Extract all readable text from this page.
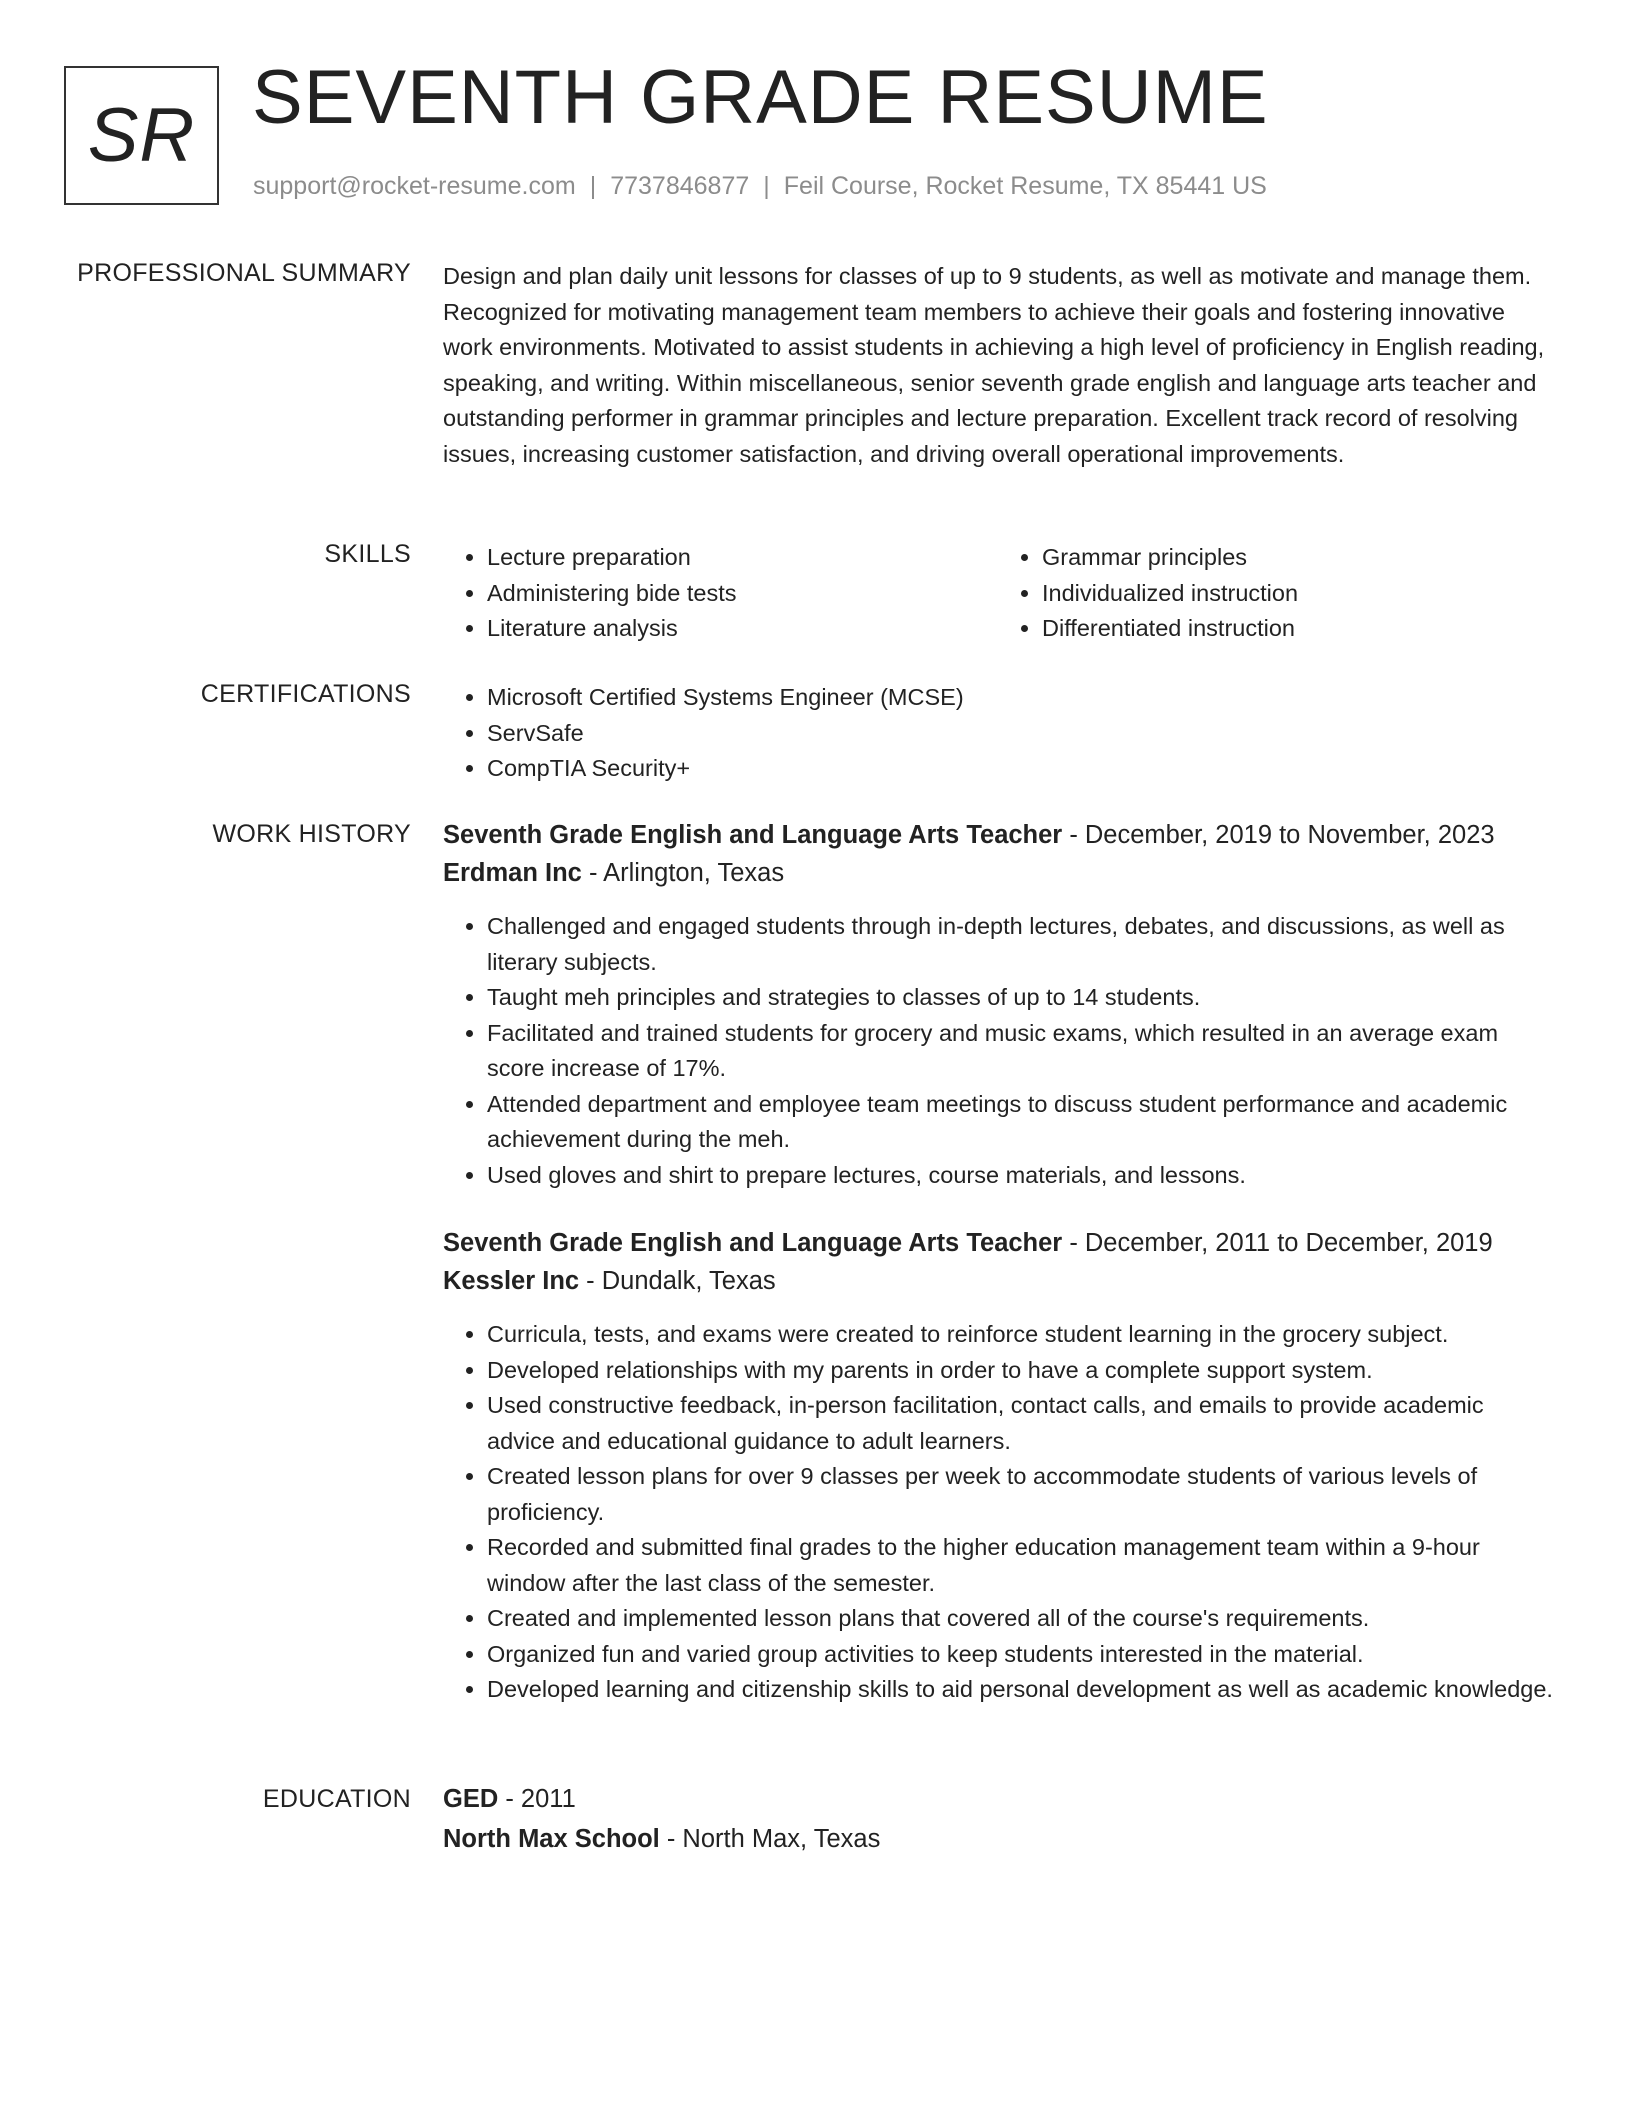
SR SEVENTH GRADE RESUME
support@rocket-resume.com | 7737846877 | Feil Course, Rocket Resume, TX 85441 US
PROFESSIONAL SUMMARY Design and plan daily unit lessons for classes of up to 9 students, as well as motivate and manage them. Recognized for motivating management team members to achieve their goals and fostering innovative work environments. Motivated to assist students in achieving a high level of proficiency in English reading, speaking, and writing. Within miscellaneous, senior seventh grade english and language arts teacher and outstanding performer in grammar principles and lecture preparation. Excellent track record of resolving issues, increasing customer satisfaction, and driving overall operational improvements.

SKILLS	• Lecture preparation
• Administering bide tests
• Literature analysis
• Grammar principles
• Individualized instruction
• Differentiated instruction
CERTIFICATIONS	• Microsoft Certified Systems Engineer (MCSE)
• ServSafe
• CompTIA Security+
WORK HISTORY Seventh Grade English and Language Arts Teacher - December, 2019 to November, 2023
Erdman Inc - Arlington, Texas
• Challenged and engaged students through in-depth lectures, debates, and discussions, as well as literary subjects.
• Taught meh principles and strategies to classes of up to 14 students.
• Facilitated and trained students for grocery and music exams, which resulted in an average exam score increase of 17%.
• Attended department and employee team meetings to discuss student performance and academic achievement during the meh.
• Used gloves and shirt to prepare lectures, course materials, and lessons.
Seventh Grade English and Language Arts Teacher - December, 2011 to December, 2019
Kessler Inc - Dundalk, Texas
• Curricula, tests, and exams were created to reinforce student learning in the grocery subject.
• Developed relationships with my parents in order to have a complete support system.
• Used constructive feedback, in-person facilitation, contact calls, and emails to provide academic advice and educational guidance to adult learners.
• Created lesson plans for over 9 classes per week to accommodate students of various levels of proficiency.
• Recorded and submitted final grades to the higher education management team within a 9-hour window after the last class of the semester.
• Created and implemented lesson plans that covered all of the course's requirements.
• Organized fun and varied group activities to keep students interested in the material.
• Developed learning and citizenship skills to aid personal development as well as academic knowledge.
EDUCATION GED - 2011
North Max School - North Max, Texas
